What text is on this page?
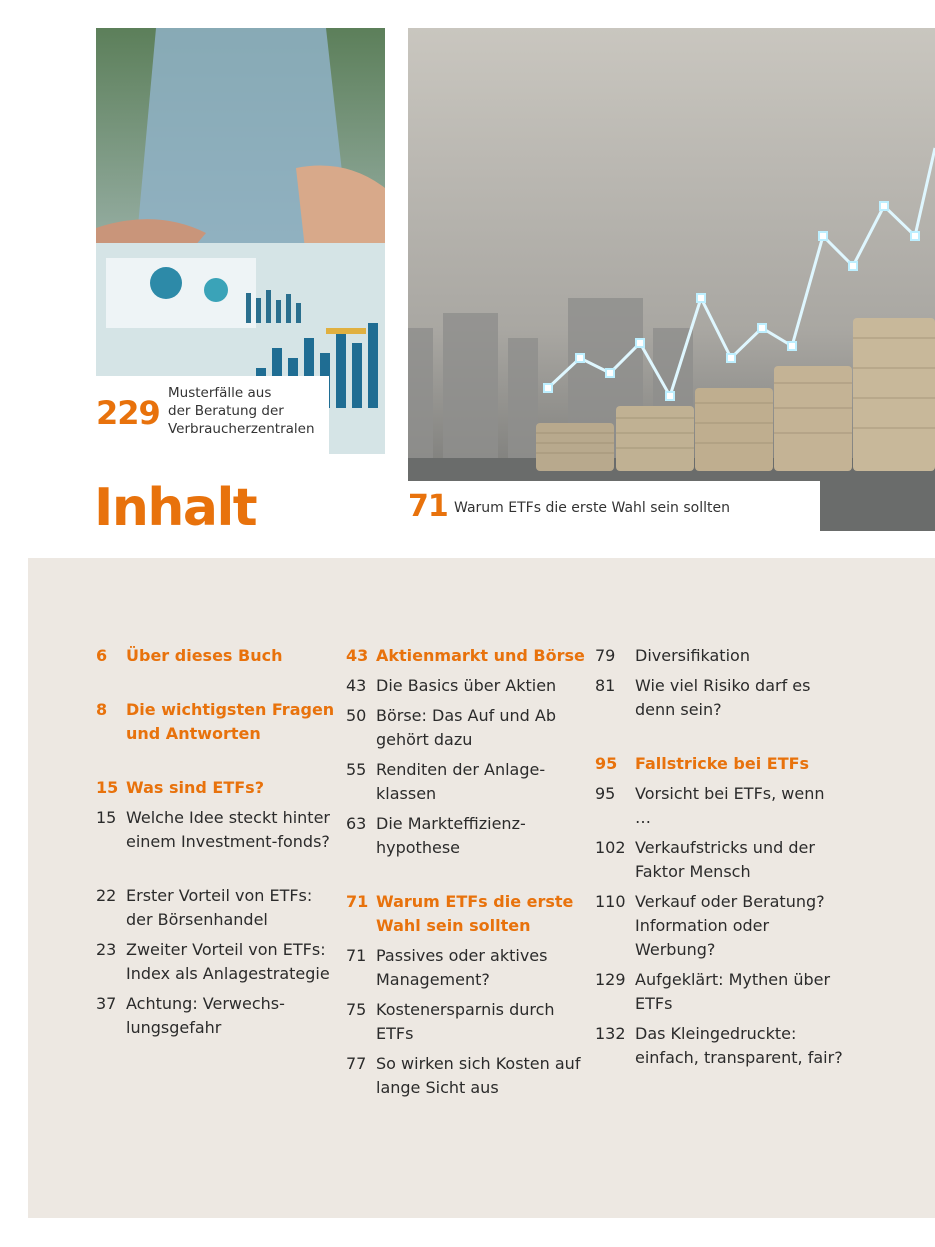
229
Musterfälle aus
der Beratung der
Verbraucherzentralen
71 Warum ETFs die erste Wahl sein sollten
Inhalt
6	Über dieses Buch
8	Die wichtigsten Fragen und Antworten
15 Was sind ETFs?
15 Welche Idee steckt hinter einem Investment-fonds?
22 Erster Vorteil von ETFs: der Börsenhandel
23 Zweiter Vorteil von ETFs: Index als Anlagestrategie
37 Achtung: Verwechs-lungsgefahr
43 Aktienmarkt und Börse
43 Die Basics über Aktien
50 Börse: Das Auf und Ab gehört dazu
55 Renditen der Anlage-klassen
63 Die Markteffizienz-hypothese
71 Warum ETFs die erste Wahl sein sollten
71 Passives oder aktives Management?
75 Kostenersparnis durch ETFs
77 So wirken sich Kosten auf lange Sicht aus
79	Diversifikation
81	Wie viel Risiko darf es denn sein?
95	Fallstricke bei ETFs
95	Vorsicht bei ETFs, wenn …
102 Verkaufstricks und der Faktor Mensch
110 Verkauf oder Beratung? Information oder Werbung?
129 Aufgeklärt: Mythen über ETFs
132 Das Kleingedruckte: einfach, transparent, fair?
